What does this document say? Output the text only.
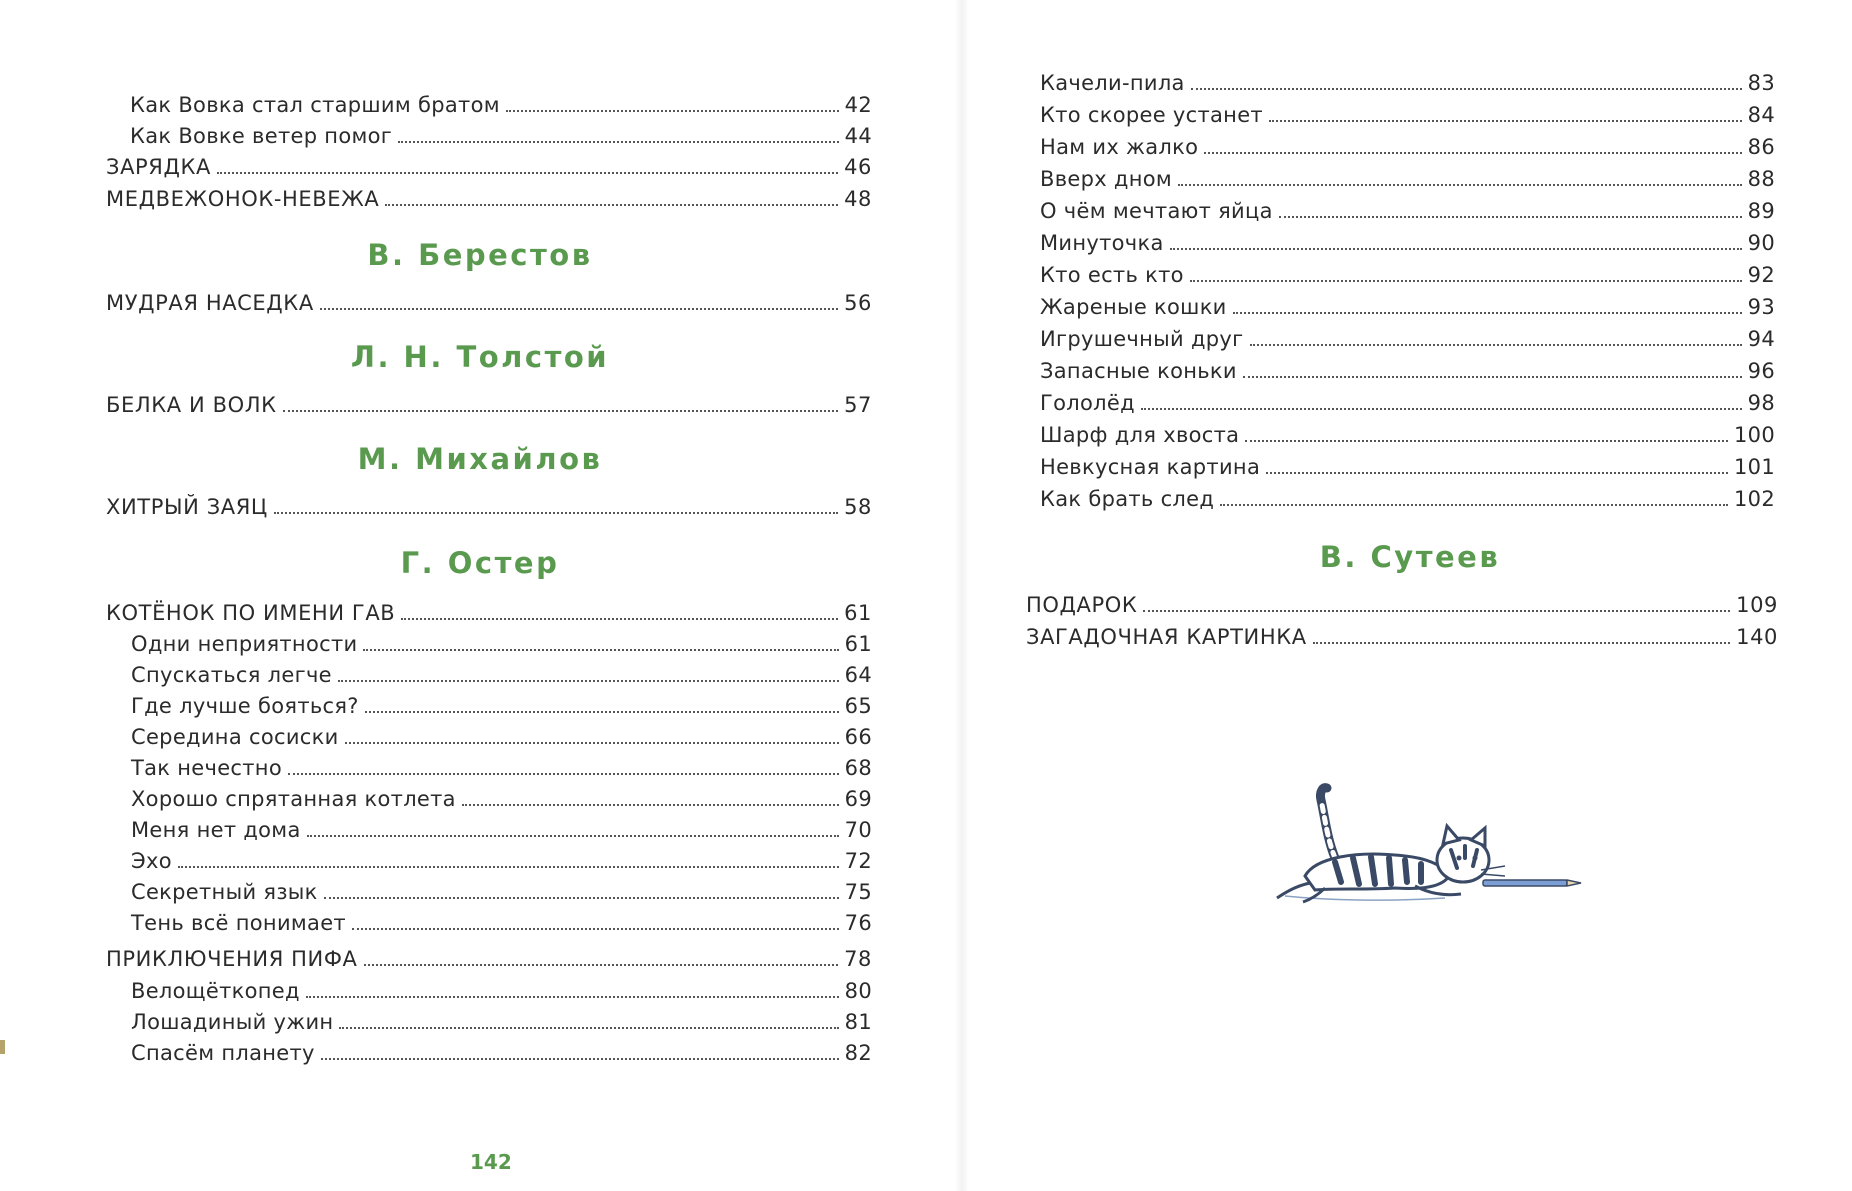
Как Вовка стал старшим братом	42
Как Вовке ветер помог	44
ЗАРЯДКА	46
МЕДВЕЖОНОК-НЕВЕЖА	48
В. Берестов
МУДРАЯ НАСЕДКА	56
Л. Н. Толстой
БЕЛКА И ВОЛК	57
М. Михайлов
ХИТРЫЙ ЗАЯЦ	58
Г. Остер
КОТЁНОК ПО ИМЕНИ ГАВ	61
Одни неприятности	61
Спускаться легче	64
Где лучше бояться?	65
Середина сосиски	66
Так нечестно	68
Хорошо спрятанная котлета	69
Меня нет дома	70
Эхо	72
Секретный язык	75
Тень всё понимает	76
ПРИКЛЮЧЕНИЯ ПИФА	78
Велощёткопед	80
Лошадиный ужин	81
Спасём планету	82
142
Качели-пила	83
Кто скорее устанет	84
Нам их жалко	86
Вверх дном	88
О чём мечтают яйца	89
Минуточка	90
Кто есть кто	92
Жареные кошки	93
Игрушечный друг	94
Запасные коньки	96
Гололёд	98
Шарф для хвоста	100
Невкусная картина	101
Как брать след	102
В. Сутеев
ПОДАРОК	109
ЗАГАДОЧНАЯ КАРТИНКА	140
